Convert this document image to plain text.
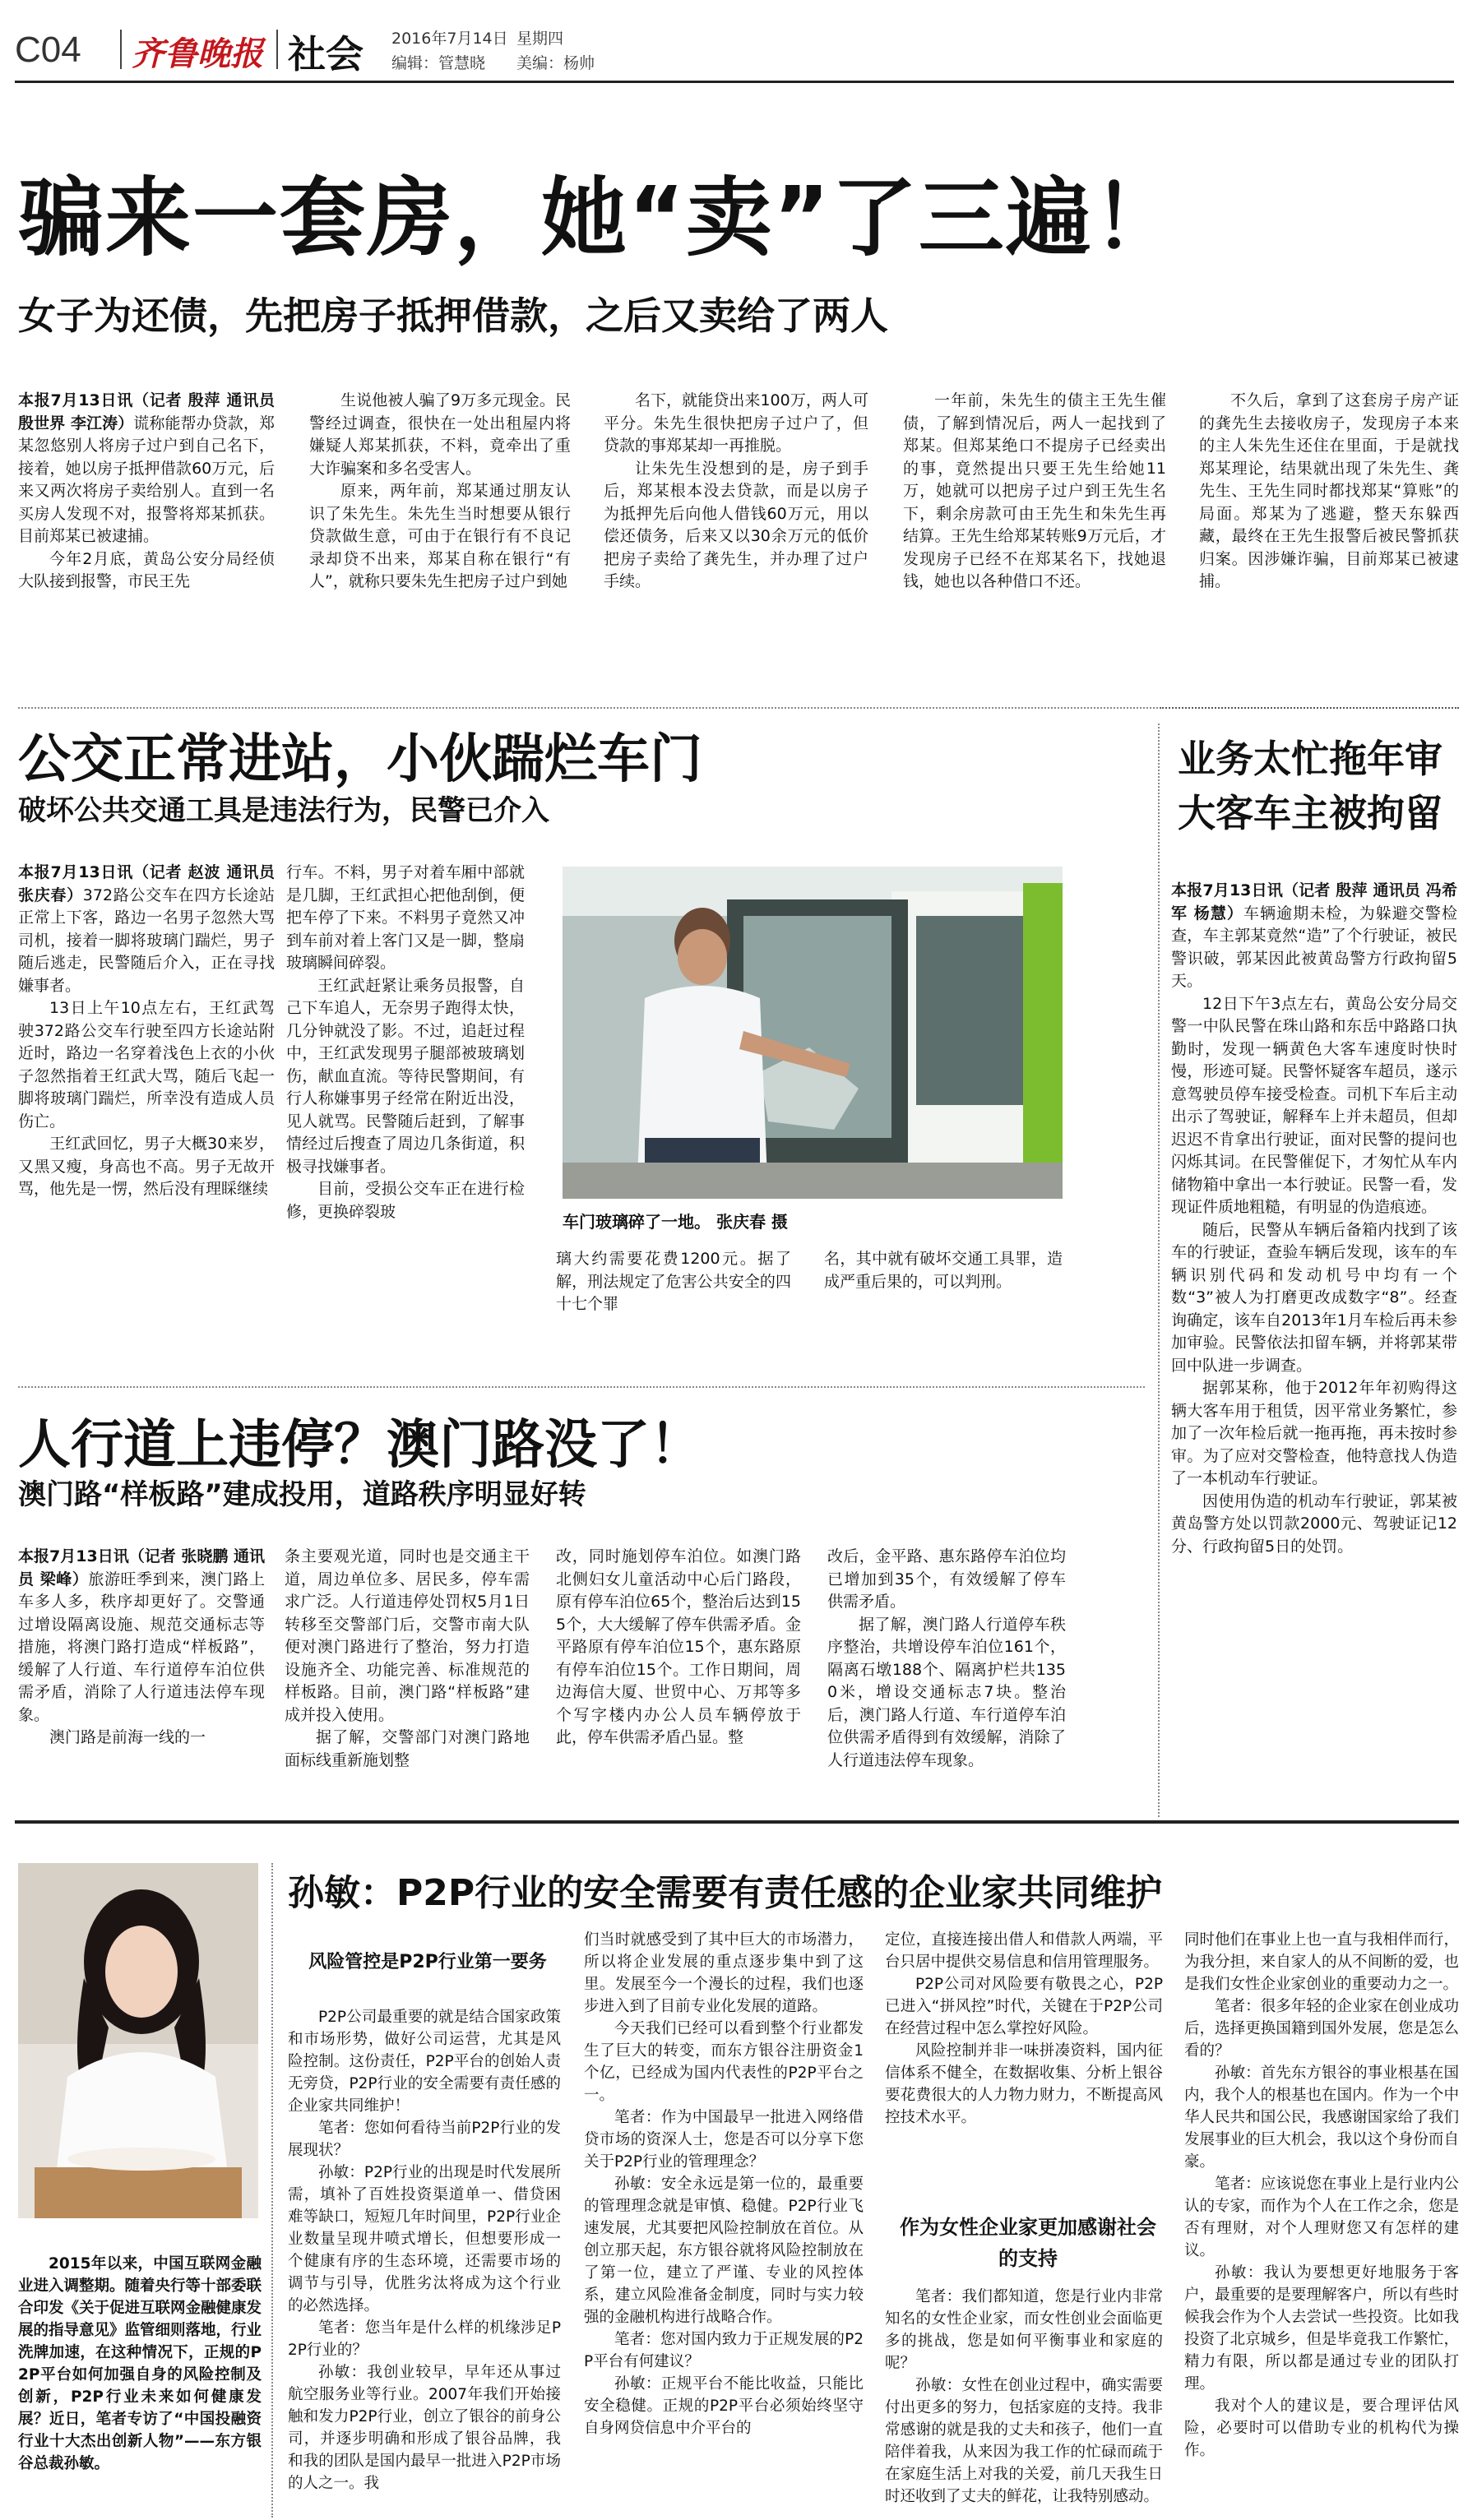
C04 齐鲁晚报 社会 2016年7月14日 星期四
编辑：管慧晓 美编：杨帅
骗来一套房，她“卖”了三遍！
女子为还债，先把房子抵押借款，之后又卖给了两人

本报7月13日讯（记者 殷萍 通讯员 殷世界 李江涛）谎称能帮办贷款，郑某忽悠别人将房子过户到自己名下，接着，她以房子抵押借款60万元，后来又两次将房子卖给别人。直到一名买房人发现不对，报警将郑某抓获。目前郑某已被逮捕。

今年2月底，黄岛公安分局经侦大队接到报警，市民王先

生说他被人骗了9万多元现金。民警经过调查，很快在一处出租屋内将嫌疑人郑某抓获，不料，竟牵出了重大诈骗案和多名受害人。

原来，两年前，郑某通过朋友认识了朱先生。朱先生当时想要从银行贷款做生意，可由于在银行有不良记录却贷不出来，郑某自称在银行“有人”，就称只要朱先生把房子过户到她

名下，就能贷出来100万，两人可平分。朱先生很快把房子过户了，但贷款的事郑某却一再推脱。

让朱先生没想到的是，房子到手后，郑某根本没去贷款，而是以房子为抵押先后向他人借钱60万元，用以偿还债务，后来又以30余万元的低价把房子卖给了龚先生，并办理了过户手续。

一年前，朱先生的债主王先生催债，了解到情况后，两人一起找到了郑某。但郑某绝口不提房子已经卖出的事，竟然提出只要王先生给她11万，她就可以把房子过户到王先生名下，剩余房款可由王先生和朱先生再结算。王先生给郑某转账9万元后，才发现房子已经不在郑某名下，找她退钱，她也以各种借口不还。

不久后，拿到了这套房子房产证的龚先生去接收房子，发现房子本来的主人朱先生还住在里面，于是就找郑某理论，结果就出现了朱先生、龚先生、王先生同时都找郑某“算账”的局面。郑某为了逃避，整天东躲西藏，最终在王先生报警后被民警抓获归案。因涉嫌诈骗，目前郑某已被逮捕。

公交正常进站，小伙踹烂车门
破坏公共交通工具是违法行为，民警已介入

本报7月13日讯（记者 赵波 通讯员 张庆春）372路公交车在四方长途站正常上下客，路边一名男子忽然大骂司机，接着一脚将玻璃门踹烂，男子随后逃走，民警随后介入，正在寻找嫌事者。

13日上午10点左右，王红武驾驶372路公交车行驶至四方长途站附近时，路边一名穿着浅色上衣的小伙子忽然指着王红武大骂，随后飞起一脚将玻璃门踹烂，所幸没有造成人员伤亡。

王红武回忆，男子大概30来岁，又黑又瘦，身高也不高。男子无故开骂，他先是一愣，然后没有理睬继续

行车。不料，男子对着车厢中部就是几脚，王红武担心把他刮倒，便把车停了下来。不料男子竟然又冲到车前对着上客门又是一脚，整扇玻璃瞬间碎裂。

王红武赶紧让乘务员报警，自己下车追人，无奈男子跑得太快，几分钟就没了影。不过，追赶过程中，王红武发现男子腿部被玻璃划伤，献血直流。等待民警期间，有行人称嫌事男子经常在附近出没，见人就骂。民警随后赶到，了解事情经过后搜查了周边几条街道，积极寻找嫌事者。

目前，受损公交车正在进行检修，更换碎裂玻

车门玻璃碎了一地。 张庆春 摄

璃大约需要花费1200元。据了解，刑法规定了危害公共安全的四十七个罪

名，其中就有破坏交通工具罪，造成严重后果的，可以判刑。

业务太忙拖年审 大客车主被拘留

本报7月13日讯（记者 殷萍 通讯员 冯希军 杨慧）车辆逾期未检，为躲避交警检查，车主郭某竟然“造”了个行驶证，被民警识破，郭某因此被黄岛警方行政拘留5天。

12日下午3点左右，黄岛公安分局交警一中队民警在珠山路和东岳中路路口执勤时，发现一辆黄色大客车速度时快时慢，形迹可疑。民警怀疑客车超员，遂示意驾驶员停车接受检查。司机下车后主动出示了驾驶证，解释车上并未超员，但却迟迟不肯拿出行驶证，面对民警的提问也闪烁其词。在民警催促下，才匆忙从车内储物箱中拿出一本行驶证。民警一看，发现证件质地粗糙，有明显的伪造痕迹。

随后，民警从车辆后备箱内找到了该车的行驶证，查验车辆后发现，该车的车辆识别代码和发动机号中均有一个数“3”被人为打磨更改成数字“8”。经查询确定，该车自2013年1月车检后再未参加审验。民警依法扣留车辆，并将郭某带回中队进一步调查。

据郭某称，他于2012年年初购得这辆大客车用于租赁，因平常业务繁忙，参加了一次年检后就一拖再拖，再未按时参审。为了应对交警检查，他特意找人伪造了一本机动车行驶证。

因使用伪造的机动车行驶证，郭某被黄岛警方处以罚款2000元、驾驶证记12分、行政拘留5日的处罚。

人行道上违停？澳门路没了！
澳门路“样板路”建成投用，道路秩序明显好转

本报7月13日讯（记者 张晓鹏 通讯员 梁峰）旅游旺季到来，澳门路上车多人多，秩序却更好了。交警通过增设隔离设施、规范交通标志等措施，将澳门路打造成“样板路”，缓解了人行道、车行道停车泊位供需矛盾，消除了人行道违法停车现象。

澳门路是前海一线的一

条主要观光道，同时也是交通主干道，周边单位多、居民多，停车需求广泛。人行道违停处罚权5月1日转移至交警部门后，交警市南大队便对澳门路进行了整治，努力打造设施齐全、功能完善、标准规范的样板路。目前，澳门路“样板路”建成并投入使用。

据了解，交警部门对澳门路地面标线重新施划整

改，同时施划停车泊位。如澳门路北侧妇女儿童活动中心后门路段，原有停车泊位65个，整治后达到155个，大大缓解了停车供需矛盾。金平路原有停车泊位15个，惠东路原有停车泊位15个。工作日期间，周边海信大厦、世贸中心、万邦等多个写字楼内办公人员车辆停放于此，停车供需矛盾凸显。整

改后，金平路、惠东路停车泊位均已增加到35个，有效缓解了停车供需矛盾。

据了解，澳门路人行道停车秩序整治，共增设停车泊位161个，隔离石墩188个、隔离护栏共1350米，增设交通标志7块。整治后，澳门路人行道、车行道停车泊位供需矛盾得到有效缓解，消除了人行道违法停车现象。

2015年以来，中国互联网金融业进入调整期。随着央行等十部委联合印发《关于促进互联网金融健康发展的指导意见》监管细则落地，行业洗牌加速，在这种情况下，正规的P2P平台如何加强自身的风险控制及创新，P2P行业未来如何健康发展？近日，笔者专访了“中国投融资行业十大杰出创新人物”——东方银谷总裁孙敏。

孙敏：P2P行业的安全需要有责任感的企业家共同维护
风险管控是P2P行业第一要务

P2P公司最重要的就是结合国家政策和市场形势，做好公司运营，尤其是风险控制。这份责任，P2P平台的创始人责无旁贷，P2P行业的安全需要有责任感的企业家共同维护！

笔者：您如何看待当前P2P行业的发展现状？

孙敏：P2P行业的出现是时代发展所需，填补了百姓投资渠道单一、借贷困难等缺口，短短几年时间里，P2P行业企业数量呈现井喷式增长，但想要形成一个健康有序的生态环境，还需要市场的调节与引导，优胜劣汰将成为这个行业的必然选择。

笔者：您当年是什么样的机缘涉足P2P行业的？

孙敏：我创业较早，早年还从事过航空服务业等行业。2007年我们开始接触和发力P2P行业，创立了银谷的前身公司，并逐步明确和形成了银谷品牌，我和我的团队是国内最早一批进入P2P市场的人之一。我

们当时就感受到了其中巨大的市场潜力，所以将企业发展的重点逐步集中到了这里。发展至今一个漫长的过程，我们也逐步进入到了目前专业化发展的道路。

今天我们已经可以看到整个行业都发生了巨大的转变，而东方银谷注册资金1个亿，已经成为国内代表性的P2P平台之一。

笔者：作为中国最早一批进入网络借贷市场的资深人士，您是否可以分享下您关于P2P行业的管理理念？

孙敏：安全永远是第一位的，最重要的管理理念就是审慎、稳健。P2P行业飞速发展，尤其要把风险控制放在首位。从创立那天起，东方银谷就将风险控制放在了第一位，建立了严谨、专业的风控体系，建立风险准备金制度，同时与实力较强的金融机构进行战略合作。

笔者：您对国内致力于正规发展的P2P平台有何建议？

孙敏：正规平台不能比收益，只能比安全稳健。正规的P2P平台必须始终坚守自身网贷信息中介平台的

定位，直接连接出借人和借款人两端，平台只居中提供交易信息和信用管理服务。

P2P公司对风险要有敬畏之心，P2P已进入“拼风控”时代，关键在于P2P公司在经营过程中怎么掌控好风险。

风险控制并非一味拼凑资料，国内征信体系不健全，在数据收集、分析上银谷要花费很大的人力物力财力，不断提高风控技术水平。

作为女性企业家更加感谢社会的支持

笔者：我们都知道，您是行业内非常知名的女性企业家，而女性创业会面临更多的挑战，您是如何平衡事业和家庭的呢？

孙敏：女性在创业过程中，确实需要付出更多的努力，包括家庭的支持。我非常感谢的就是我的丈夫和孩子，他们一直陪伴着我，从来因为我工作的忙碌而疏于在家庭生活上对我的关爱，前几天我生日时还收到了丈夫的鲜花，让我特别感动。

同时他们在事业上也一直与我相伴而行，为我分担，来自家人的从不间断的爱，也是我们女性企业家创业的重要动力之一。

笔者：很多年轻的企业家在创业成功后，选择更换国籍到国外发展，您是怎么看的？

孙敏：首先东方银谷的事业根基在国内，我个人的根基也在国内。作为一个中华人民共和国公民，我感谢国家给了我们发展事业的巨大机会，我以这个身份而自豪。

笔者：应该说您在事业上是行业内公认的专家，而作为个人在工作之余，您是否有理财，对个人理财您又有怎样的建议。

孙敏：我认为要想更好地服务于客户，最重要的是要理解客户，所以有些时候我会作为个人去尝试一些投资。比如我投资了北京城乡，但是毕竟我工作繁忙，精力有限，所以都是通过专业的团队打理。

我对个人的建议是，要合理评估风险，必要时可以借助专业的机构代为操作。
